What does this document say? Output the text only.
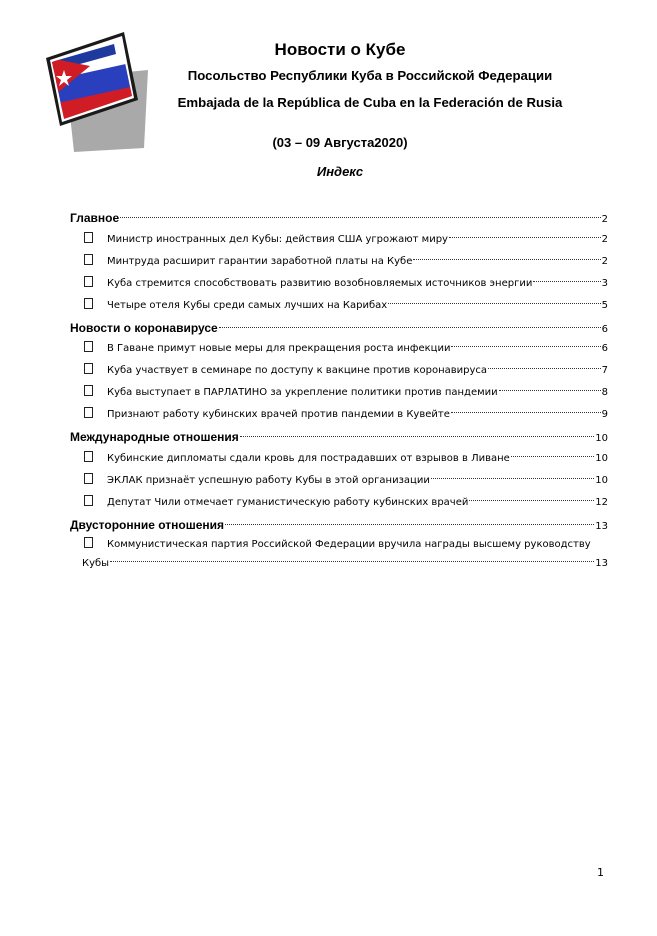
Новости о Кубе
Посольство Республики Куба в Российской Федерации
Embajada de la República de Cuba en la Federación de Rusia
(03 – 09 Августа2020)
Индекс
Главное	2
Министр иностранных дел Кубы: действия США угрожают миру	2
Минтруда расширит гарантии заработной платы на Кубе	2
Куба стремится способствовать развитию возобновляемых источников энергии	3
Четыре отеля Кубы среди самых лучших на Карибах	5
Новости о коронавирусе	6
В Гаване примут новые меры для прекращения роста инфекции	6
Куба участвует в семинаре по доступу к вакцине против коронавируса	7
Куба выступает в ПАРЛАТИНО за укрепление политики против пандемии	8
Признают работу кубинских врачей против пандемии в Кувейте	9
Международные отношения	10
Кубинские дипломаты сдали кровь для пострадавших от взрывов в Ливане	10
ЭКЛАК признаёт успешную работу Кубы в этой организации	10
Депутат Чили отмечает гуманистическую работу кубинских врачей	12
Двусторонние отношения	13
Коммунистическая партия Российской Федерации вручила награды высшему руководству
Кубы	13
1
